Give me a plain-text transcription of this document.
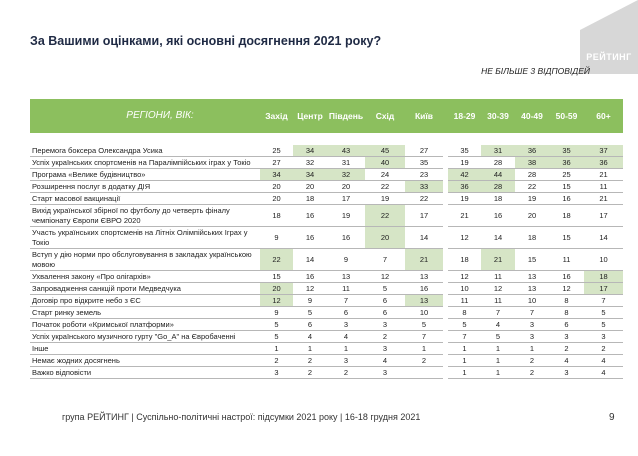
За Вашими оцінками, які основні досягнення 2021 року?
РЕЙТИНГ
НЕ БІЛЬШЕ 3 ВІДПОВІДЕЙ
РЕГІОНИ, ВІК:	Захід	Центр Південь	Схід	Київ	18-29	30-39	40-49	50-59	60+
Перемога боксера Олександра Усика	25	34	43	45	27		35	31	36	35	37
Успіх українських спортсменів на Паралімпійських іграх у Токіо	27	32	31	40	35		19	28	38	36	36
Програма «Велике будівництво»	34	34	32	24	23		42	44	28	25	21
Розширення послуг в додатку ДІЯ	20	20	20	22	33		36	28	22	15	11
Старт масової вакцинації	20	18	17	19	22		19	18	19	16	21
Вихід української збірної по футболу до четверть фіналу чемпіонату Європи ЄВРО 2020	18	16	19	22	17		21	16	20	18	17
Участь українських спортсменів на Літніх Олімпійських Іграх у Токіо	9	16	16	20	14		12	14	18	15	14
Вступ у дію норми про обслуговування в закладах українською мовою	22	14	9	7	21		18	21	15	11	10
Ухвалення закону «Про олігархів»	15	16	13	12	13		12	11	13	16	18
Запровадження санкцій проти Медведчука	20	12	11	5	16		10	12	13	12	17
Договір про відкрите небо з ЄС	12	9	7	6	13		11	11	10	8	7
Старт ринку земель	9	5	6	6	10		8	7	7	8	5
Початок роботи «Кримської платформи»	5	6	3	3	5		5	4	3	6	5
Успіх українського музичного гурту "Go_A" на Євробаченні	5	4	4	2	7		7	5	3	3	3
Інше	1	1	1	3	1		1	1	1	2	2
Немає жодних досягнень	2	2	3	4	2		1	1	2	4	4
Важко відповісти	3	2	2	3			1	1	2	3	4
група РЕЙТИНГ | Суспільно-політичні настрої: підсумки 2021 року | 16-18 грудня 2021	9
